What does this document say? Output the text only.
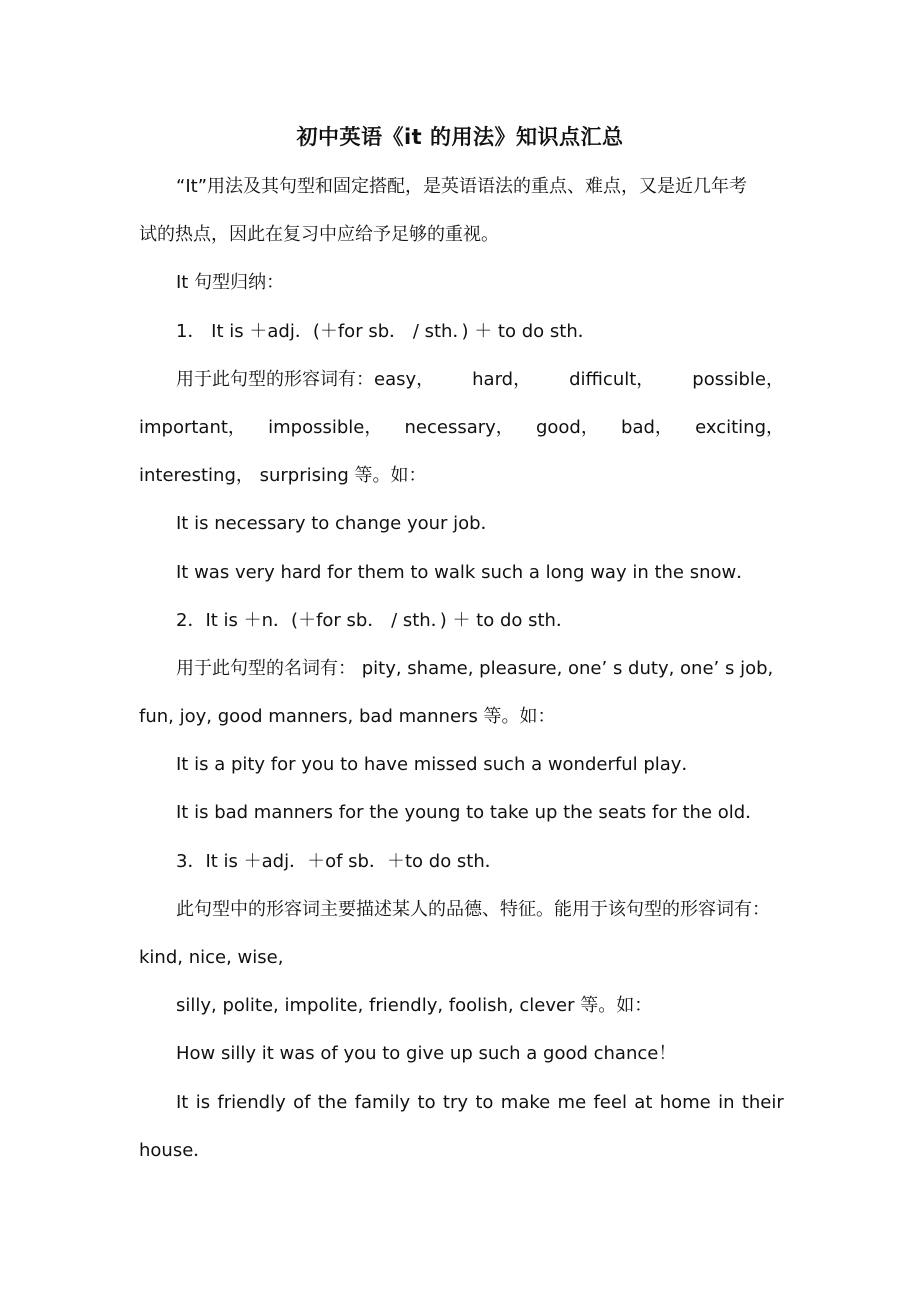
初中英语《it 的用法》知识点汇总
“It”用法及其句型和固定搭配，是英语语法的重点、难点，又是近几年考
试的热点，因此在复习中应给予足够的重视。
It 句型归纳：
1． It is ＋adj．(＋for sb． / sth．) ＋ to do sth．
用于此句型的形容词有：easy， hard， difficult， possible，
important， impossible， necessary， good， bad， exciting，
interesting， surprising 等。如：
It is necessary to change your job．
It was very hard for them to walk such a long way in the snow．
2．It is ＋n．(＋for sb． / sth．) ＋ to do sth．
用于此句型的名词有： pity, shame, pleasure, one’ s duty, one’ s job,
fun, joy, good manners, bad manners 等。如：
It is a pity for you to have missed such a wonderful play．
It is bad manners for the young to take up the seats for the old．
3．It is ＋adj．＋of sb．＋to do sth．
此句型中的形容词主要描述某人的品德、特征。能用于该句型的形容词有：
kind, nice, wise,
silly, polite, impolite, friendly, foolish, clever 等。如：
How silly it was of you to give up such a good chance！
It is friendly of the family to try to make me feel at home in their
house．
